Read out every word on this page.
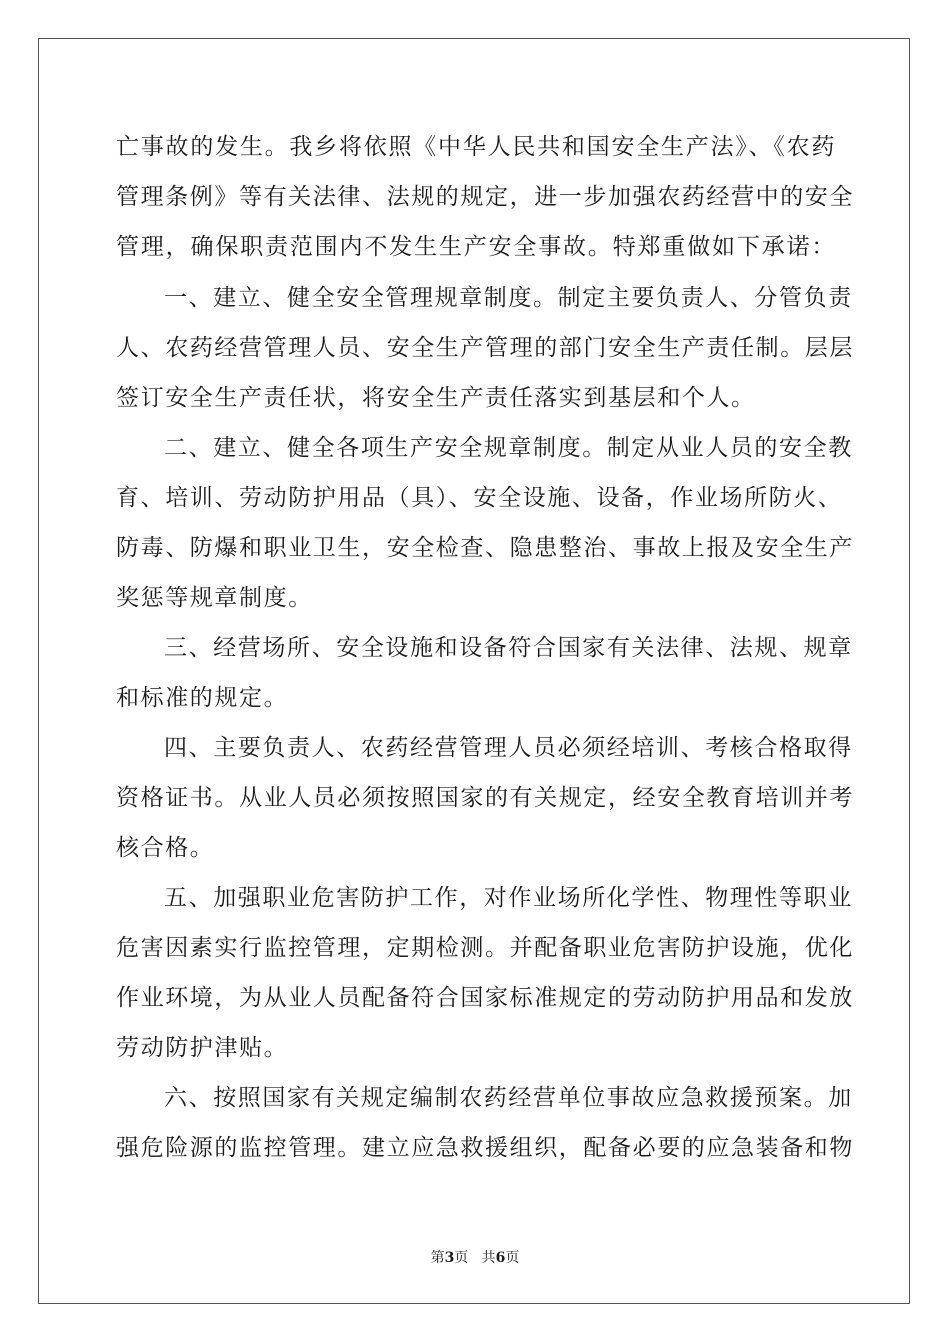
亡事故的发生。我乡将依照《中华人民共和国安全生产法》、《农药
管理条例》等有关法律、法规的规定，进一步加强农药经营中的安全
管理，确保职责范围内不发生生产安全事故。特郑重做如下承诺：
一、建立、健全安全管理规章制度。制定主要负责人、分管负责
人、农药经营管理人员、安全生产管理的部门安全生产责任制。层层
签订安全生产责任状，将安全生产责任落实到基层和个人。
二、建立、健全各项生产安全规章制度。制定从业人员的安全教
育、培训、劳动防护用品（具）、安全设施、设备，作业场所防火、
防毒、防爆和职业卫生，安全检查、隐患整治、事故上报及安全生产
奖惩等规章制度。
三、经营场所、安全设施和设备符合国家有关法律、法规、规章
和标准的规定。
四、主要负责人、农药经营管理人员必须经培训、考核合格取得
资格证书。从业人员必须按照国家的有关规定，经安全教育培训并考
核合格。
五、加强职业危害防护工作，对作业场所化学性、物理性等职业
危害因素实行监控管理，定期检测。并配备职业危害防护设施，优化
作业环境，为从业人员配备符合国家标准规定的劳动防护用品和发放
劳动防护津贴。
六、按照国家有关规定编制农药经营单位事故应急救援预案。加
强危险源的监控管理。建立应急救援组织，配备必要的应急装备和物
第3页 共6页
